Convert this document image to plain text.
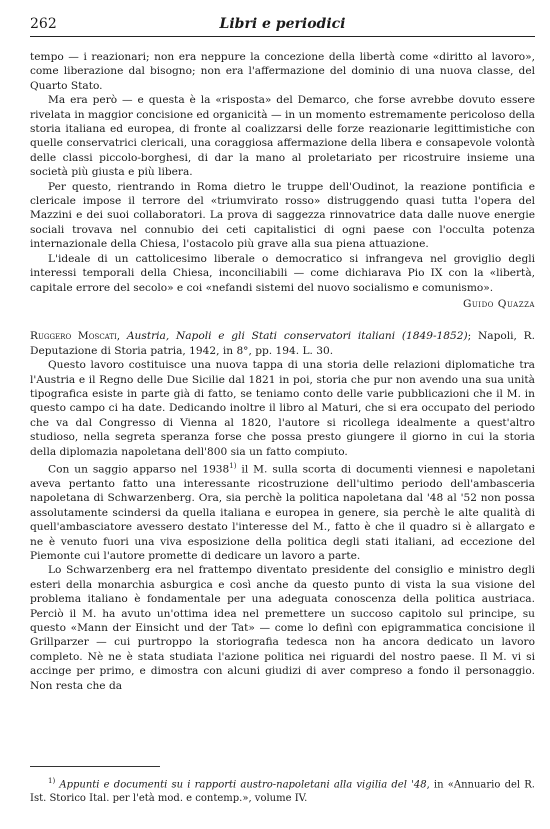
262	Libri e periodici

tempo — i reazionari; non era neppure la concezione della libertà come «diritto al lavoro», come liberazione dal bisogno; non era l'affermazione del dominio di una nuova classe, del Quarto Stato.

Ma era però — e questa è la «risposta» del Demarco, che forse avrebbe dovuto essere rivelata in maggior concisione ed organicità — in un momento estremamente pericoloso della storia italiana ed europea, di fronte al coalizzarsi delle forze reazionarie legittimistiche con quelle conservatrici clericali, una coraggiosa affermazione della libera e consapevole volontà delle classi piccolo-borghesi, di dar la mano al proletariato per ricostruire insieme una società più giusta e più libera.

Per questo, rientrando in Roma dietro le truppe dell'Oudinot, la reazione pontificia e clericale impose il terrore del «triumvirato rosso» distruggendo quasi tutta l'opera del Mazzini e dei suoi collaboratori. La prova di saggezza rinnovatrice data dalle nuove energie sociali trovava nel connubio dei ceti capitalistici di ogni paese con l'occulta potenza internazionale della Chiesa, l'ostacolo più grave alla sua piena attuazione.

L'ideale di un cattolicesimo liberale o democratico si infrangeva nel groviglio degli interessi temporali della Chiesa, inconciliabili — come dichiarava Pio IX con la «libertà, capitale errore del secolo» e coi «nefandi sistemi del nuovo socialismo e comunismo».

Guido Quazza
Ruggero Moscati, Austria, Napoli e gli Stati conservatori italiani (1849-1852); Napoli, R. Deputazione di Storia patria, 1942, in 8°, pp. 194. L. 30.

Questo lavoro costituisce una nuova tappa di una storia delle relazioni diplomatiche tra l'Austria e il Regno delle Due Sicilie dal 1821 in poi, storia che pur non avendo una sua unità tipografica esiste in parte già di fatto, se teniamo conto delle varie pubblicazioni che il M. in questo campo ci ha date. Dedicando inoltre il libro al Maturi, che si era occupato del periodo che va dal Congresso di Vienna al 1820, l'autore si ricollega idealmente a quest'altro studioso, nella segreta speranza forse che possa presto giungere il giorno in cui la storia della diplomazia napoletana dell'800 sia un fatto compiuto.

Con un saggio apparso nel 1938$^{1)}$ il M. sulla scorta di documenti viennesi e napoletani aveva pertanto fatto una interessante ricostruzione dell'ultimo periodo dell'ambasceria napoletana di Schwarzenberg. Ora, sia perchè la politica napoletana dal '48 al '52 non possa assolutamente scindersi da quella italiana e europea in genere, sia perchè le alte qualità di quell'ambasciatore avessero destato l'interesse del M., fatto è che il quadro si è allargato e ne è venuto fuori una viva esposizione della politica degli stati italiani, ad eccezione del Piemonte cui l'autore promette di dedicare un lavoro a parte.

Lo Schwarzenberg era nel frattempo diventato presidente del consiglio e ministro degli esteri della monarchia asburgica e così anche da questo punto di vista la sua visione del problema italiano è fondamentale per una adeguata conoscenza della politica austriaca. Perciò il M. ha avuto un'ottima idea nel premettere un succoso capitolo sul principe, su questo «Mann der Einsicht und der Tat» — come lo definì con epigrammatica concisione il Grillparzer — cui purtroppo la storiografia tedesca non ha ancora dedicato un lavoro completo. Nè ne è stata studiata l'azione politica nei riguardi del nostro paese. Il M. vi si accinge per primo, e dimostra con alcuni giudizi di aver compreso a fondo il personaggio. Non resta che da

$^{1)}$ Appunti e documenti su i rapporti austro-napoletani alla vigilia del '48, in «Annuario del R. Ist. Storico Ital. per l'età mod. e contemp.», volume IV.
